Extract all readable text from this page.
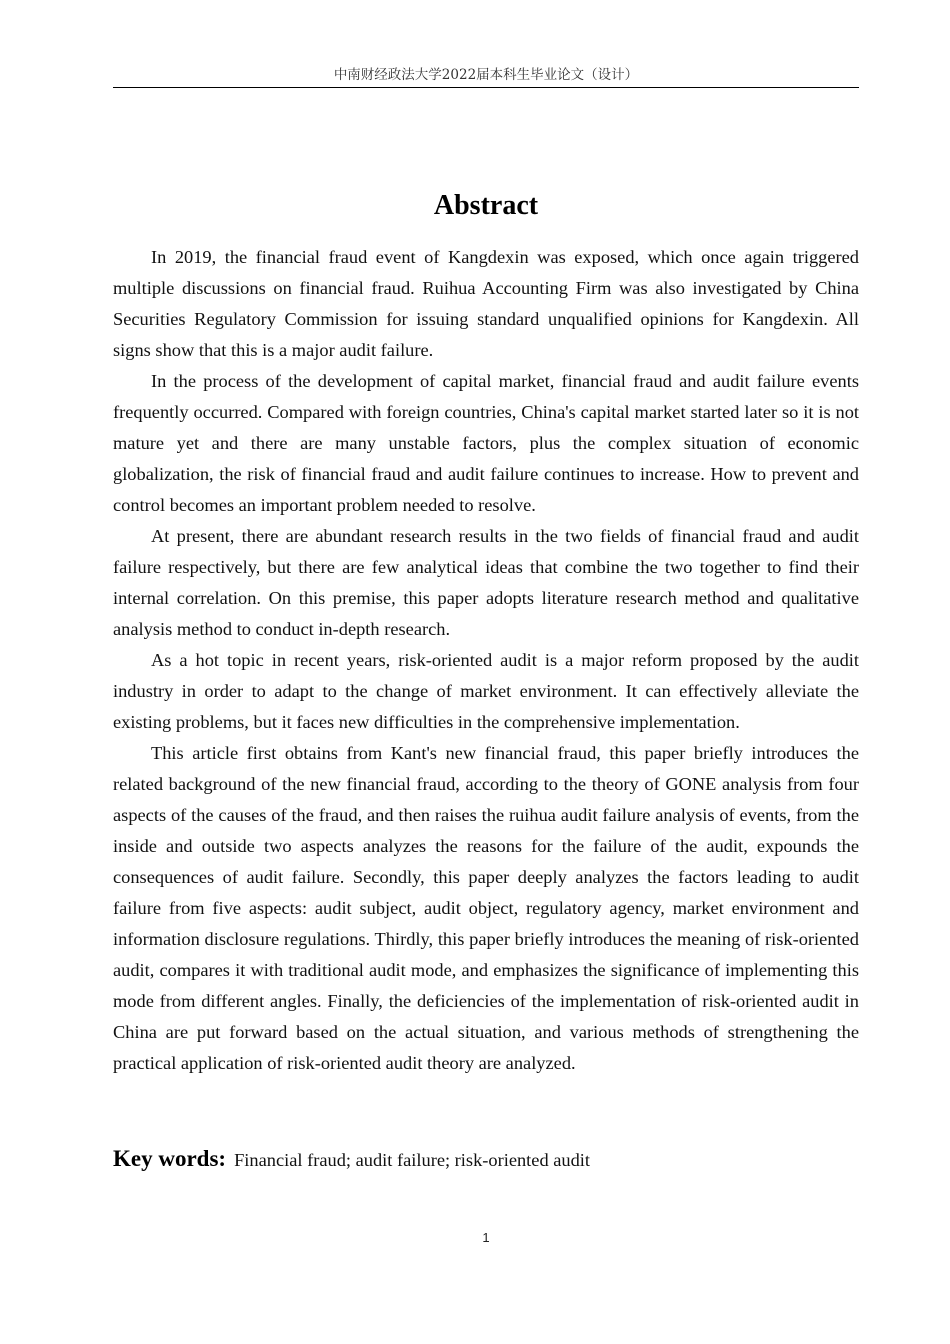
中南财经政法大学2022届本科生毕业论文（设计）
Abstract

In 2019, the financial fraud event of Kangdexin was exposed, which once again triggered multiple discussions on financial fraud. Ruihua Accounting Firm was also investigated by China Securities Regulatory Commission for issuing standard unqualified opinions for Kangdexin. All signs show that this is a major audit failure.

In the process of the development of capital market, financial fraud and audit failure events frequently occurred. Compared with foreign countries, China's capital market started later so it is not mature yet and there are many unstable factors, plus the complex situation of economic globalization, the risk of financial fraud and audit failure continues to increase. How to prevent and control becomes an important problem needed to resolve.

At present, there are abundant research results in the two fields of financial fraud and audit failure respectively, but there are few analytical ideas that combine the two together to find their internal correlation. On this premise, this paper adopts literature research method and qualitative analysis method to conduct in-depth research.

As a hot topic in recent years, risk-oriented audit is a major reform proposed by the audit industry in order to adapt to the change of market environment. It can effectively alleviate the existing problems, but it faces new difficulties in the comprehensive implementation.

This article first obtains from Kant's new financial fraud, this paper briefly introduces the related background of the new financial fraud, according to the theory of GONE analysis from four aspects of the causes of the fraud, and then raises the ruihua audit failure analysis of events, from the inside and outside two aspects analyzes the reasons for the failure of the audit, expounds the consequences of audit failure. Secondly, this paper deeply analyzes the factors leading to audit failure from five aspects: audit subject, audit object, regulatory agency, market environment and information disclosure regulations. Thirdly, this paper briefly introduces the meaning of risk-oriented audit, compares it with traditional audit mode, and emphasizes the significance of implementing this mode from different angles. Finally, the deficiencies of the implementation of risk-oriented audit in China are put forward based on the actual situation, and various methods of strengthening the practical application of risk-oriented audit theory are analyzed.

Key words: Financial fraud; audit failure; risk-oriented audit
1
